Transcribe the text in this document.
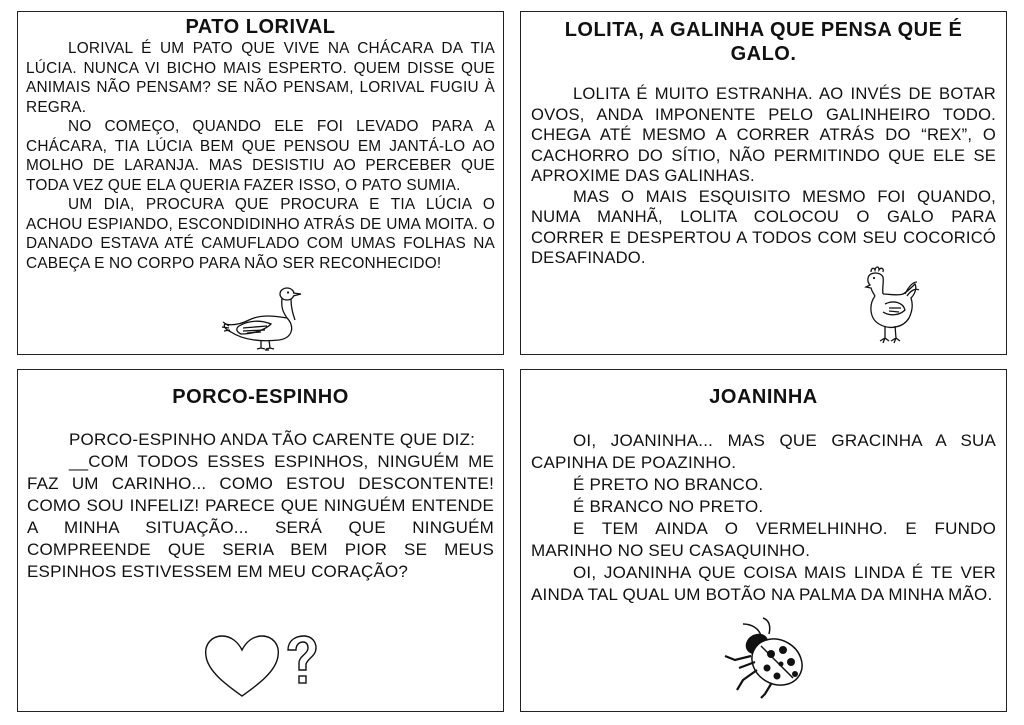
PATO LORIVAL

LORIVAL É UM PATO QUE VIVE NA CHÁCARA DA TIA LÚCIA. NUNCA VI BICHO MAIS ESPERTO. QUEM DISSE QUE ANIMAIS NÃO PENSAM? SE NÃO PENSAM, LORIVAL FUGIU À REGRA.

NO COMEÇO, QUANDO ELE FOI LEVADO PARA A CHÁCARA, TIA LÚCIA BEM QUE PENSOU EM JANTÁ-LO AO MOLHO DE LARANJA. MAS DESISTIU AO PERCEBER QUE TODA VEZ QUE ELA QUERIA FAZER ISSO, O PATO SUMIA.

UM DIA, PROCURA QUE PROCURA E TIA LÚCIA O ACHOU ESPIANDO, ESCONDIDINHO ATRÁS DE UMA MOITA. O DANADO ESTAVA ATÉ CAMUFLADO COM UMAS FOLHAS NA CABEÇA E NO CORPO PARA NÃO SER RECONHECIDO!

LOLITA, A GALINHA QUE PENSA QUE É GALO.

LOLITA É MUITO ESTRANHA. AO INVÉS DE BOTAR OVOS, ANDA IMPONENTE PELO GALINHEIRO TODO. CHEGA ATÉ MESMO A CORRER ATRÁS DO “REX”, O CACHORRO DO SÍTIO, NÃO PERMITINDO QUE ELE SE APROXIME DAS GALINHAS.

MAS O MAIS ESQUISITO MESMO FOI QUANDO, NUMA MANHÃ, LOLITA COLOCOU O GALO PARA CORRER E DESPERTOU A TODOS COM SEU COCORICÓ DESAFINADO.

PORCO-ESPINHO

PORCO-ESPINHO ANDA TÃO CARENTE QUE DIZ:

__COM TODOS ESSES ESPINHOS, NINGUÉM ME FAZ UM CARINHO... COMO ESTOU DESCONTENTE! COMO SOU INFELIZ! PARECE QUE NINGUÉM ENTENDE A MINHA SITUAÇÃO... SERÁ QUE NINGUÉM COMPREENDE QUE SERIA BEM PIOR SE MEUS ESPINHOS ESTIVESSEM EM MEU CORAÇÃO?

JOANINHA

OI, JOANINHA... MAS QUE GRACINHA A SUA CAPINHA DE POAZINHO.

É PRETO NO BRANCO.

É BRANCO NO PRETO.

E TEM AINDA O VERMELHINHO. E FUNDO MARINHO NO SEU CASAQUINHO.

OI, JOANINHA QUE COISA MAIS LINDA É TE VER AINDA TAL QUAL UM BOTÃO NA PALMA DA MINHA MÃO.
